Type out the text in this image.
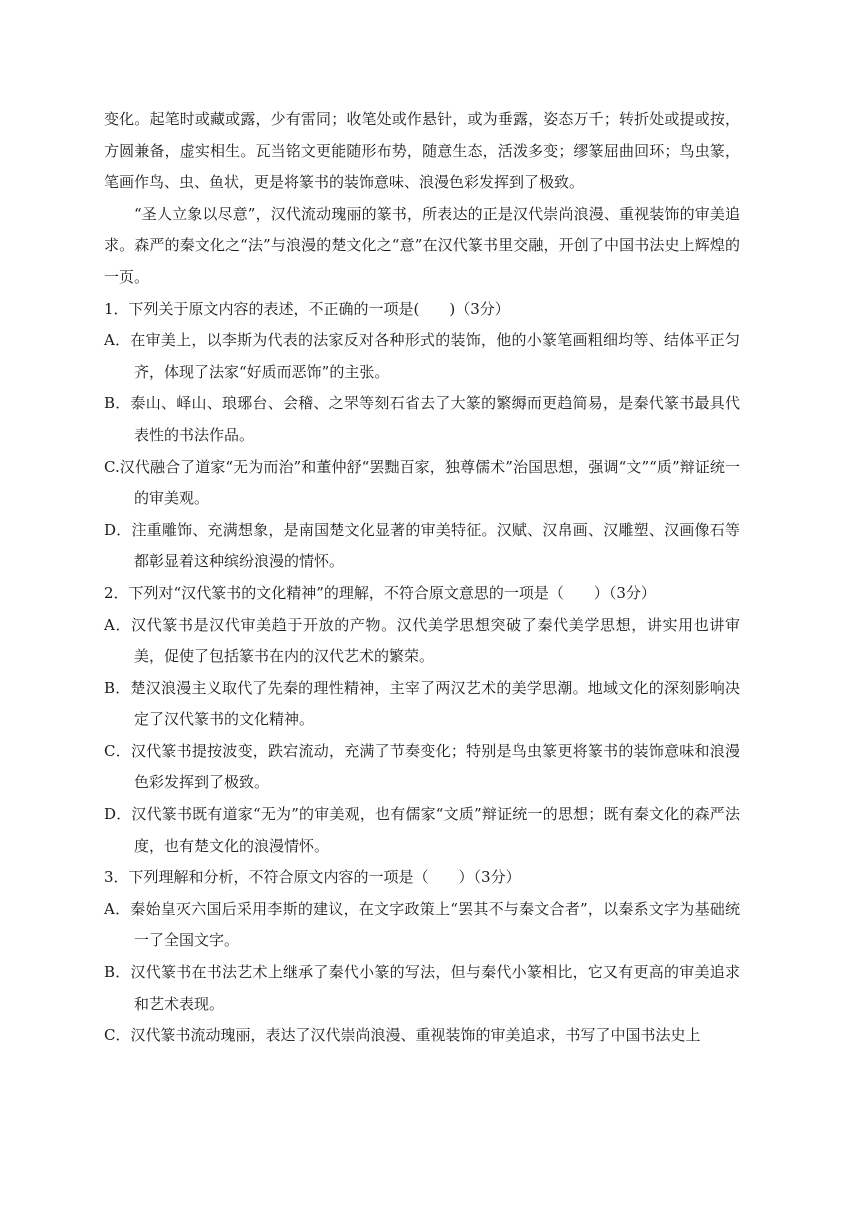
变化。起笔时或藏或露，少有雷同；收笔处或作悬针，或为垂露，姿态万千；转折处或提或按，方圆兼备，虚实相生。瓦当铭文更能随形布势，随意生态，活泼多变；缪篆屈曲回环；鸟虫篆，笔画作鸟、虫、鱼状，更是将篆书的装饰意味、浪漫色彩发挥到了极致。

“圣人立象以尽意”，汉代流动瑰丽的篆书，所表达的正是汉代崇尚浪漫、重视装饰的审美追求。森严的秦文化之“法”与浪漫的楚文化之“意”在汉代篆书里交融，开创了中国书法史上辉煌的一页。

1．下列关于原文内容的表述，不正确的一项是(　　)（3分）

A．在审美上，以李斯为代表的法家反对各种形式的装饰，他的小篆笔画粗细均等、结体平正匀齐，体现了法家“好质而恶饰”的主张。

B．泰山、峄山、琅琊台、会稽、之罘等刻石省去了大篆的繁缛而更趋简易，是秦代篆书最具代表性的书法作品。

C.汉代融合了道家“无为而治”和董仲舒“罢黜百家，独尊儒术”治国思想，强调“文”“质”辩证统一的审美观。

D．注重雕饰、充满想象，是南国楚文化显著的审美特征。汉赋、汉帛画、汉雕塑、汉画像石等都彰显着这种缤纷浪漫的情怀。

2．下列对“汉代篆书的文化精神”的理解，不符合原文意思的一项是（　　）（3分）

A．汉代篆书是汉代审美趋于开放的产物。汉代美学思想突破了秦代美学思想，讲实用也讲审美，促使了包括篆书在内的汉代艺术的繁荣。

B．楚汉浪漫主义取代了先秦的理性精神，主宰了两汉艺术的美学思潮。地域文化的深刻影响决定了汉代篆书的文化精神。

C．汉代篆书提按波变，跌宕流动，充满了节奏变化；特别是鸟虫篆更将篆书的装饰意味和浪漫色彩发挥到了极致。

D．汉代篆书既有道家“无为”的审美观，也有儒家“文质”辩证统一的思想；既有秦文化的森严法度，也有楚文化的浪漫情怀。

3．下列理解和分析，不符合原文内容的一项是（　　）（3分）

A．秦始皇灭六国后采用李斯的建议，在文字政策上“罢其不与秦文合者”，以秦系文字为基础统一了全国文字。

B．汉代篆书在书法艺术上继承了秦代小篆的写法，但与秦代小篆相比，它又有更高的审美追求和艺术表现。

C．汉代篆书流动瑰丽，表达了汉代崇尚浪漫、重视装饰的审美追求，书写了中国书法史上
